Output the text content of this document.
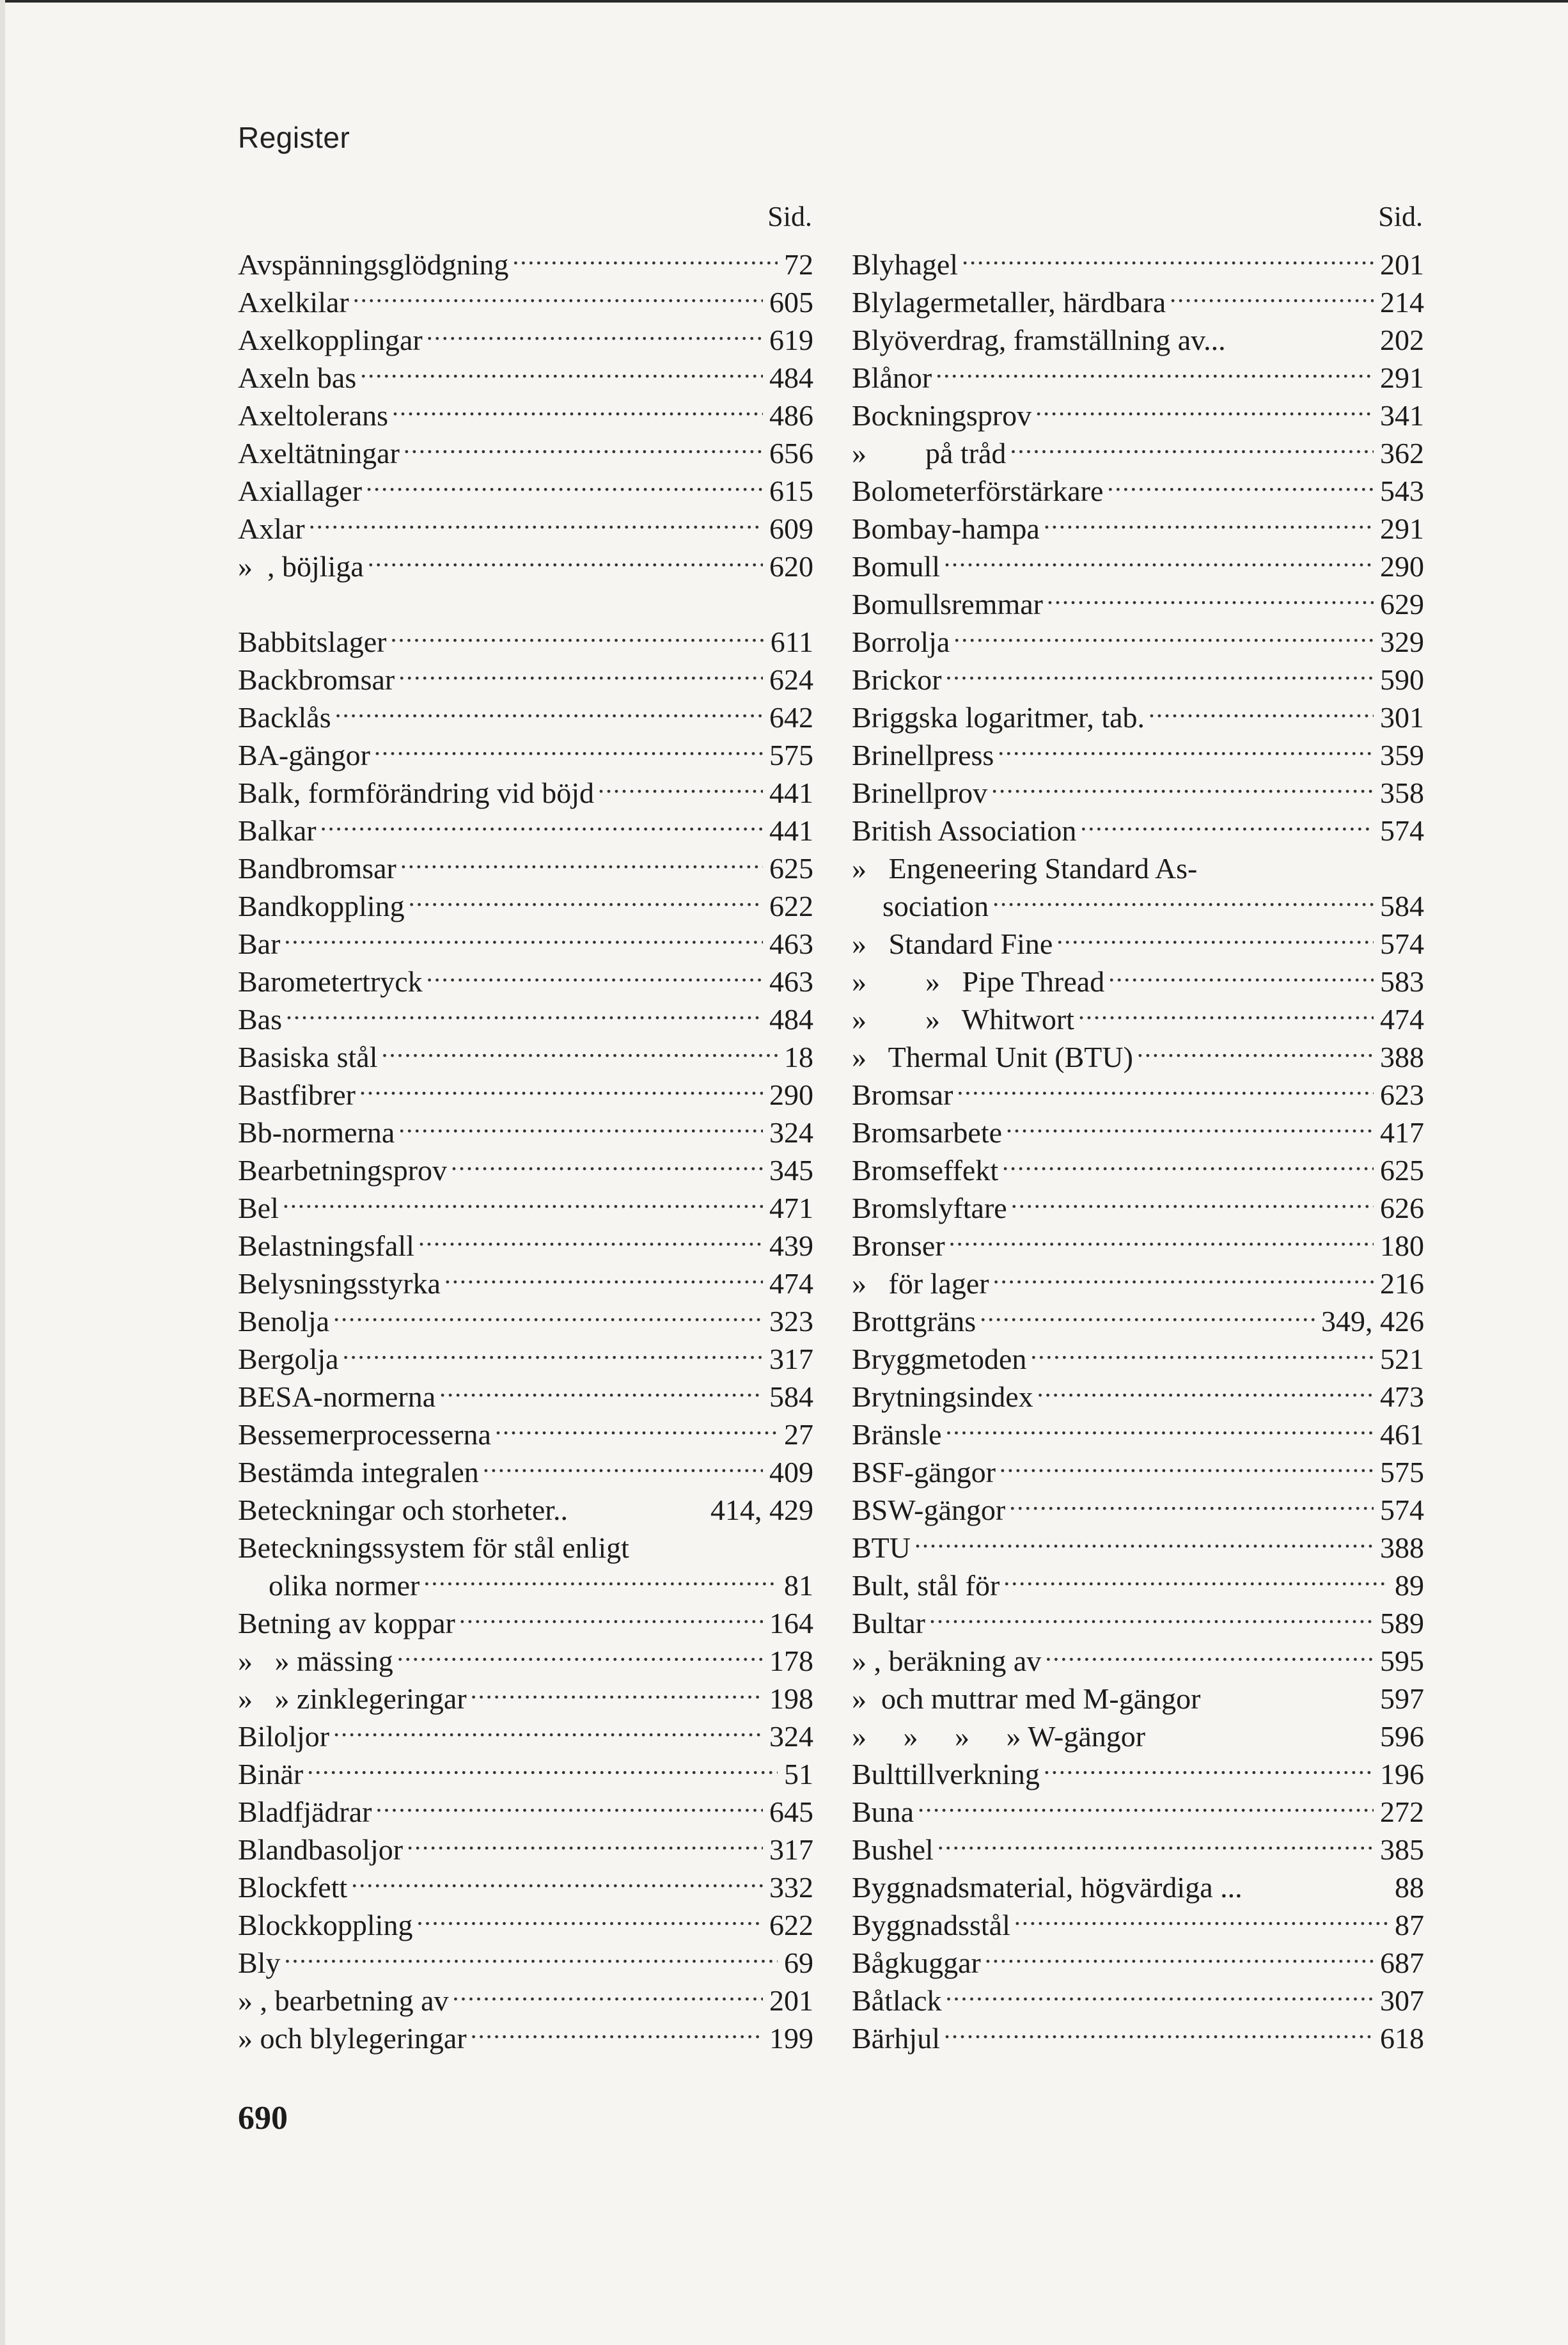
Register
Sid.
Avspänningsglödgning . . .	72
Axelkilar . . .	605
Axelkopplingar . . .	619
Axeln bas . . .	484
Axeltolerans . . .	486
Axeltätningar . . .	656
Axiallager . . .	615
Axlar . . .	609
»  , böjliga . . .	620
Babbitslager . . .	611
Backbromsar . . .	624
Backlås . . .	642
BA-gängor . . .	575
Balk, formförändring vid böjd . . .	441
Balkar . . .	441
Bandbromsar . . .	625
Bandkoppling . . .	622
Bar . . .	463
Barometertryck . . .	463
Bas . . .	484
Basiska stål . . .	18
Bastfibrer . . .	290
Bb-normerna . . .	324
Bearbetningsprov . . .	345
Bel . . .	471
Belastningsfall . . .	439
Belysningsstyrka . . .	474
Benolja . . .	323
Bergolja . . .	317
BESA-normerna . . .	584
Bessemerprocesserna . . .	27
Bestämda integralen . . .	409
Beteckningar och storheter..	414, 429
Beteckningssystem för stål enligt
olika normer . . .	81
Betning av koppar . . .	164
»   » mässing . . .	178
»   » zinklegeringar . . .	198
Biloljor . . .	324
Binär . . .	51
Bladfjädrar . . .	645
Blandbasoljor . . .	317
Blockfett . . .	332
Blockkoppling . . .	622
Bly . . .	69
» , bearbetning av . . .	201
» och blylegeringar . . .	199
Sid.
Blyhagel . . .	201
Blylagermetaller, härdbara . . .	214
Blyöverdrag, framställning av...	202
Blånor . . .	291
Bockningsprov . . .	341
»        på tråd . . .	362
Bolometerförstärkare . . .	543
Bombay-hampa . . .	291
Bomull . . .	290
Bomullsremmar . . .	629
Borrolja . . .	329
Brickor . . .	590
Briggska logaritmer, tab. . . .	301
Brinellpress . . .	359
Brinellprov . . .	358
British Association . . .	574
»   Engeneering Standard As-
sociation . . .	584
»   Standard Fine . . .	574
»        »   Pipe Thread . . .	583
»        »   Whitwort . . .	474
»   Thermal Unit (BTU) . . .	388
Bromsar . . .	623
Bromsarbete . . .	417
Bromseffekt . . .	625
Bromslyftare . . .	626
Bronser . . .	180
»   för lager . . .	216
Brottgräns . . .	349, 426
Bryggmetoden . . .	521
Brytningsindex . . .	473
Bränsle . . .	461
BSF-gängor . . .	575
BSW-gängor . . .	574
BTU . . .	388
Bult, stål för . . .	89
Bultar . . .	589
» , beräkning av . . .	595
»  och muttrar med M-gängor	597
»     »     »     » W-gängor	596
Bulttillverkning . . .	196
Buna . . .	272
Bushel . . .	385
Byggnadsmaterial, högvärdiga ...	88
Byggnadsstål . . .	87
Bågkuggar . . .	687
Båtlack . . .	307
Bärhjul . . .	618
690
